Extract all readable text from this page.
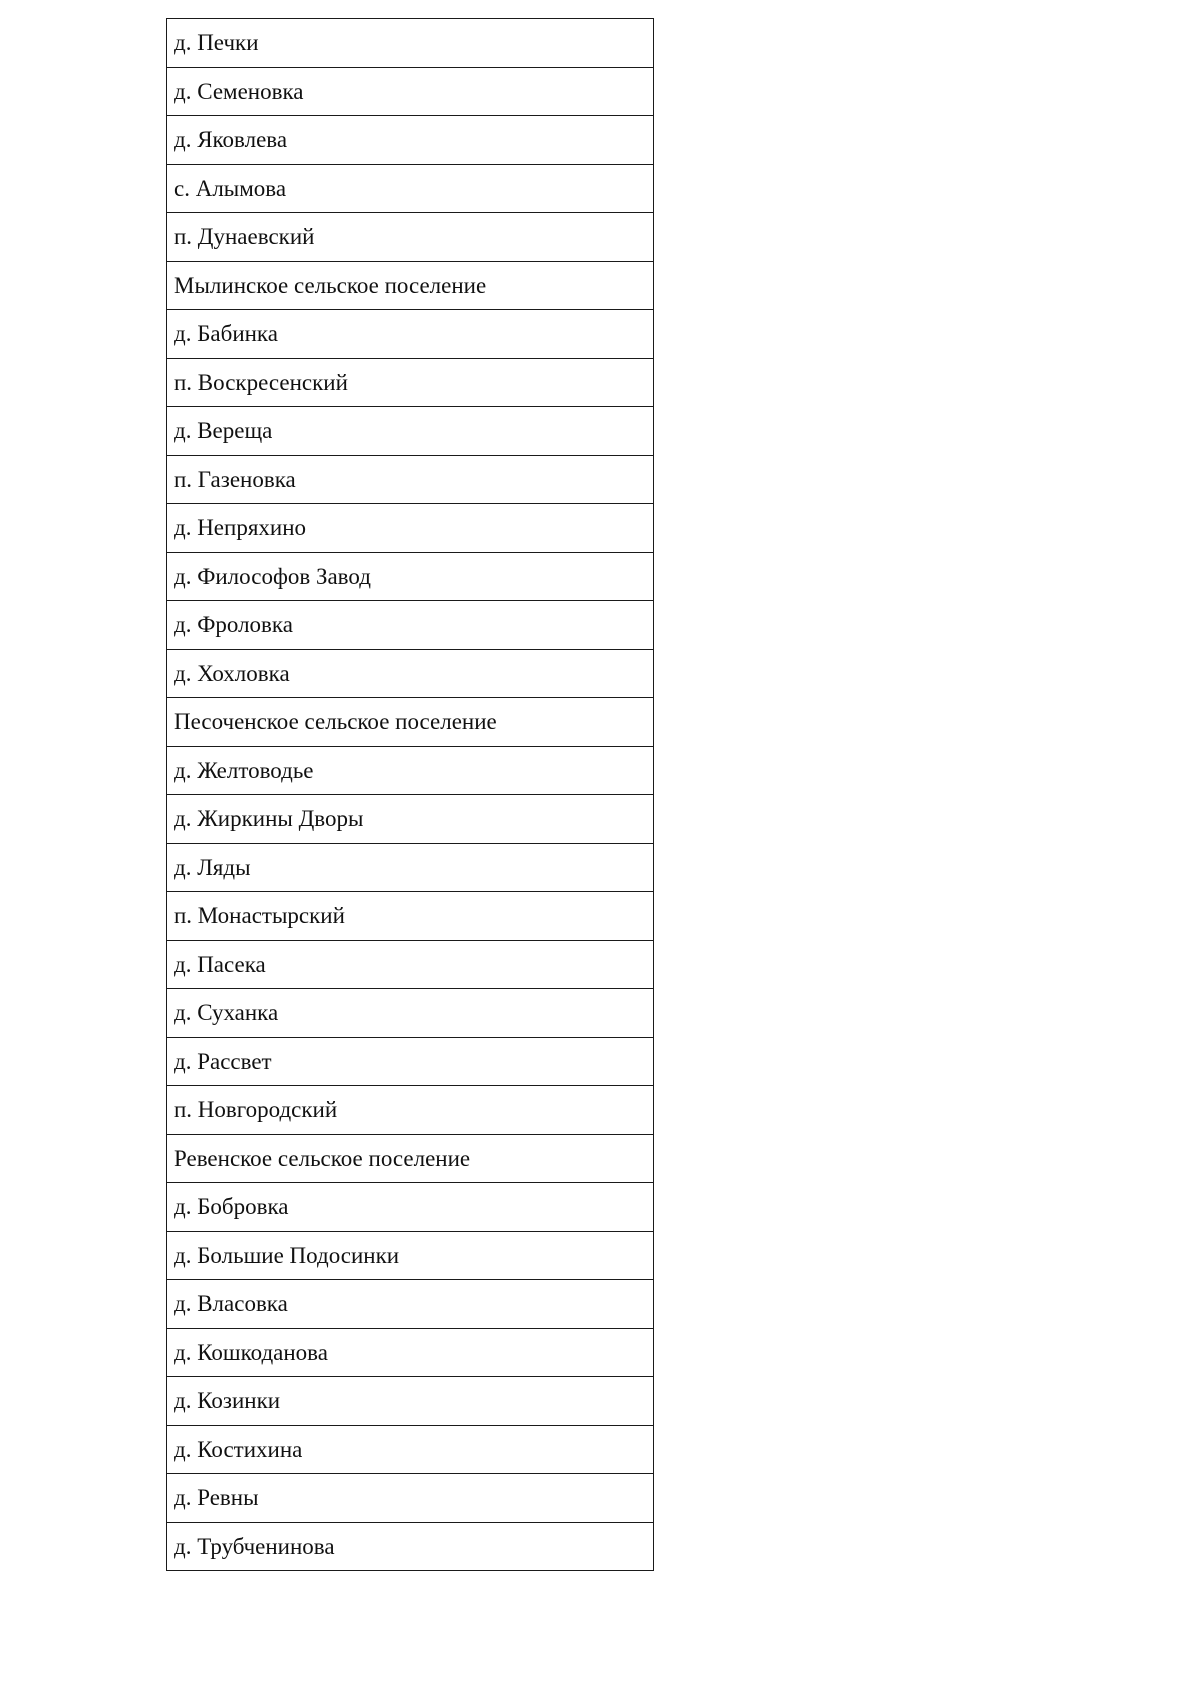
д. Печки
д. Семеновка
д. Яковлева
с. Алымова
п. Дунаевский
Мылинское сельское поселение
д. Бабинка
п. Воскресенский
д. Вереща
п. Газеновка
д. Непряхино
д. Философов Завод
д. Фроловка
д. Хохловка
Песоченское сельское поселение
д. Желтоводье
д. Жиркины Дворы
д. Ляды
п. Монастырский
д. Пасека
д. Суханка
д. Рассвет
п. Новгородский
Ревенское сельское поселение
д. Бобровка
д. Большие Подосинки
д. Власовка
д. Кошкоданова
д. Козинки
д. Костихина
д. Ревны
д. Трубченинова
